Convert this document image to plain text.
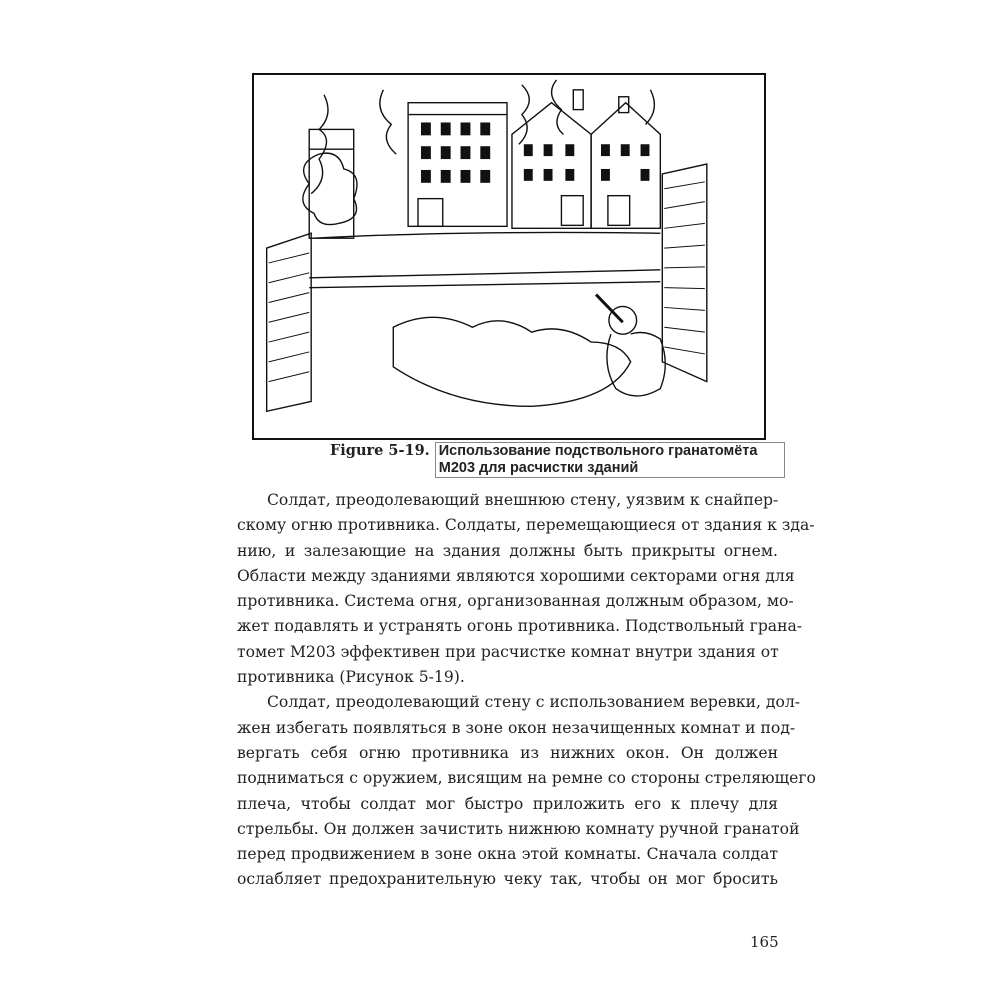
Figure 5-19. Использование подствольного гранатомёта
М203 для расчистки зданий
Солдат, преодолевающий внешнюю стену, уязвим к снайпер-
скому огню противника. Солдаты, перемещающиеся от здания к зда-
нию, и залезающие на здания должны быть прикрыты огнем.
Области между зданиями являются хорошими секторами огня для
противника. Система огня, организованная должным образом, мо-
жет подавлять и устранять огонь противника. Подствольный грана-
томет М203 эффективен при расчистке комнат внутри здания от
противника (Рисунок 5-19).
Солдат, преодолевающий стену с использованием веревки, дол-
жен избегать появляться в зоне окон незачищенных комнат и под-
вергать себя огню противника из нижних окон. Он должен
подниматься с оружием, висящим на ремне со стороны стреляющего
плеча, чтобы солдат мог быстро приложить его к плечу для
стрельбы. Он должен зачистить нижнюю комнату ручной гранатой
перед продвижением в зоне окна этой комнаты. Сначала солдат
ослабляет предохранительную чеку так, чтобы он мог бросить
165
